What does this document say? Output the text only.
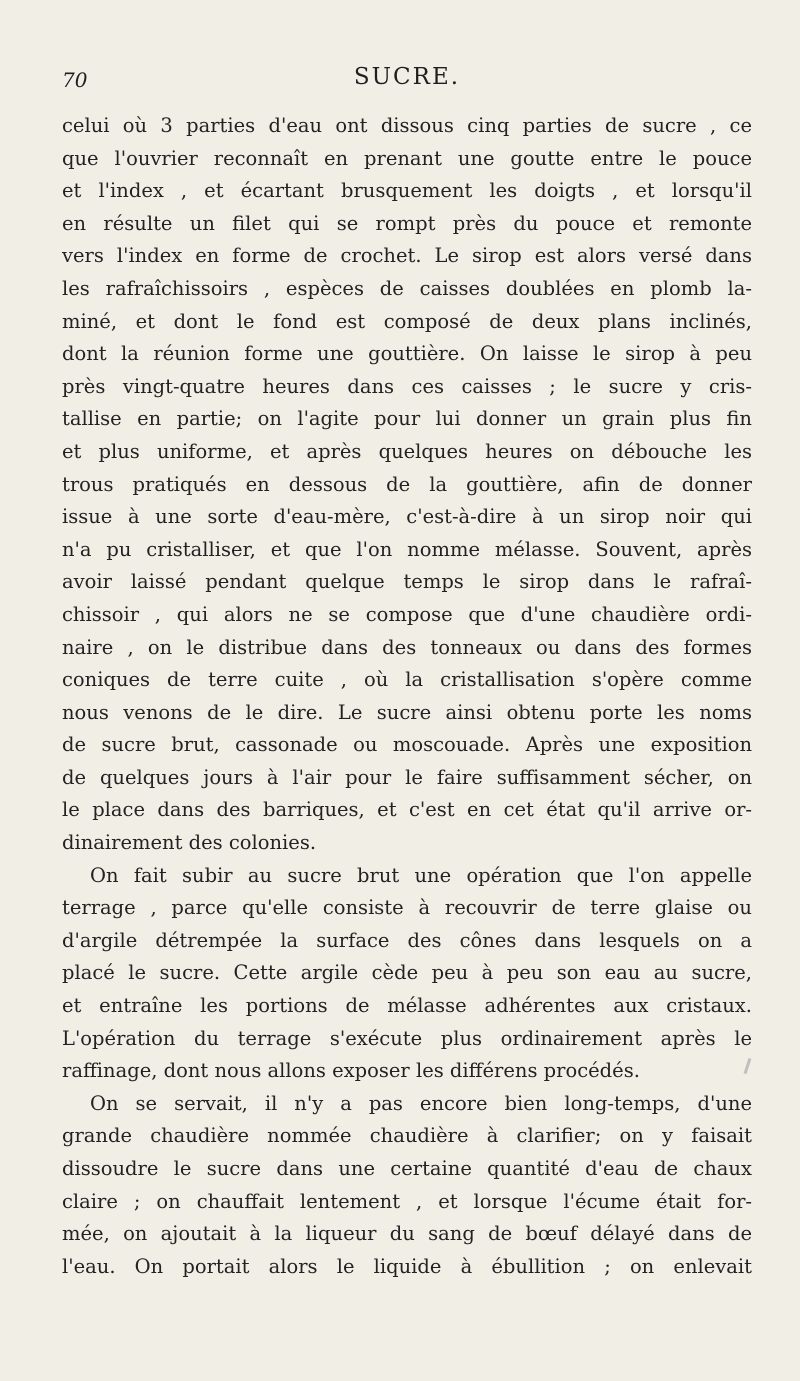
70	SUCRE.
celui où 3 parties d'eau ont dissous cinq parties de sucre , ce
que l'ouvrier reconnaît en prenant une goutte entre le pouce
et l'index , et écartant brusquement les doigts , et lorsqu'il
en résulte un filet qui se rompt près du pouce et remonte
vers l'index en forme de crochet. Le sirop est alors versé dans
les rafraîchissoirs , espèces de caisses doublées en plomb la-
miné, et dont le fond est composé de deux plans inclinés,
dont la réunion forme une gouttière. On laisse le sirop à peu
près vingt-quatre heures dans ces caisses ; le sucre y cris-
tallise en partie; on l'agite pour lui donner un grain plus fin
et plus uniforme, et après quelques heures on débouche les
trous pratiqués en dessous de la gouttière, afin de donner
issue à une sorte d'eau-mère, c'est-à-dire à un sirop noir qui
n'a pu cristalliser, et que l'on nomme mélasse. Souvent, après
avoir laissé pendant quelque temps le sirop dans le rafraî-
chissoir , qui alors ne se compose que d'une chaudière ordi-
naire , on le distribue dans des tonneaux ou dans des formes
coniques de terre cuite , où la cristallisation s'opère comme
nous venons de le dire. Le sucre ainsi obtenu porte les noms
de sucre brut, cassonade ou moscouade. Après une exposition
de quelques jours à l'air pour le faire suffisamment sécher, on
le place dans des barriques, et c'est en cet état qu'il arrive or-
dinairement des colonies.
On fait subir au sucre brut une opération que l'on appelle
terrage , parce qu'elle consiste à recouvrir de terre glaise ou
d'argile détrempée la surface des cônes dans lesquels on a
placé le sucre. Cette argile cède peu à peu son eau au sucre,
et entraîne les portions de mélasse adhérentes aux cristaux.
L'opération du terrage s'exécute plus ordinairement après le
raffinage, dont nous allons exposer les différens procédés.
On se servait, il n'y a pas encore bien long-temps, d'une
grande chaudière nommée chaudière à clarifier; on y faisait
dissoudre le sucre dans une certaine quantité d'eau de chaux
claire ; on chauffait lentement , et lorsque l'écume était for-
mée, on ajoutait à la liqueur du sang de bœuf délayé dans de
l'eau. On portait alors le liquide à ébullition ; on enlevait
